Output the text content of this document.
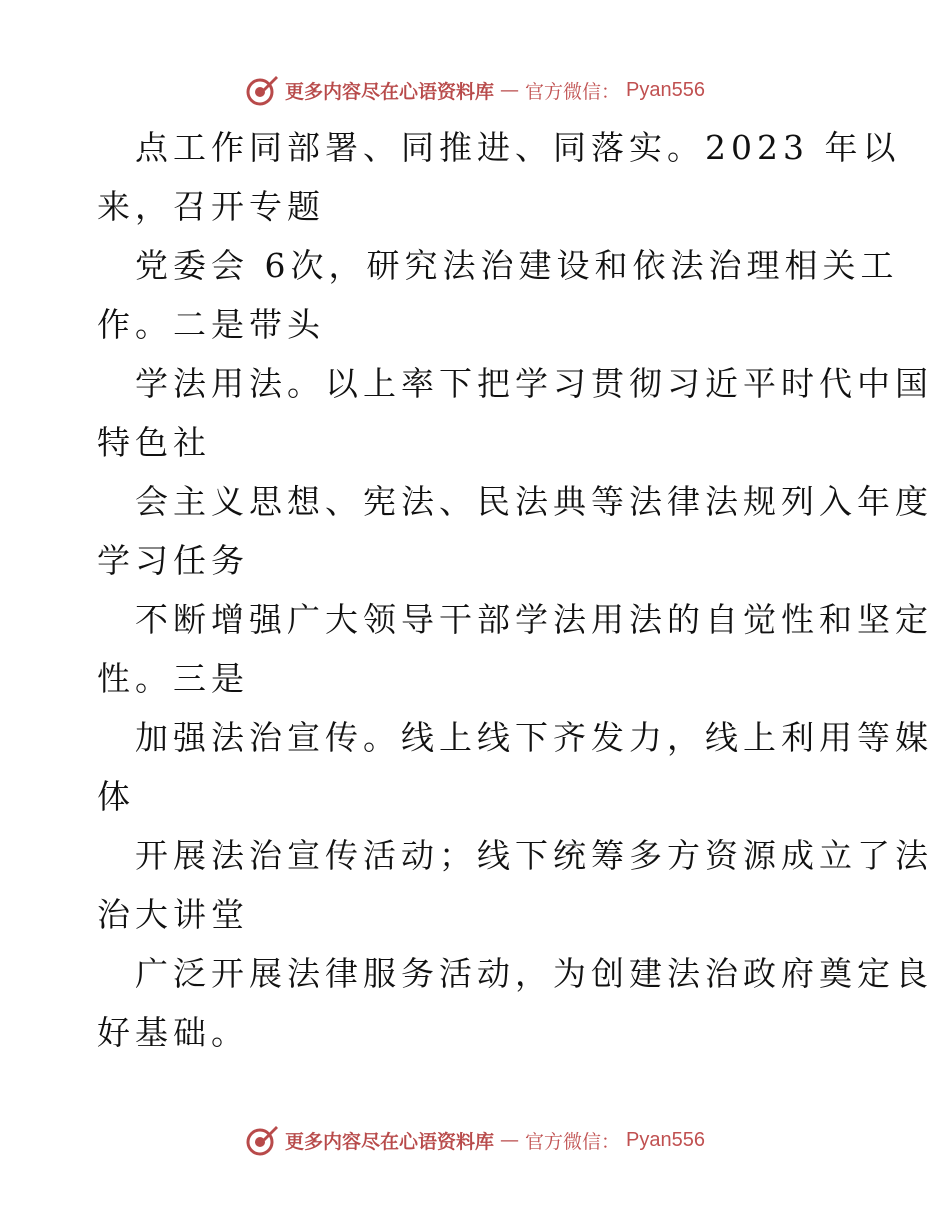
更多内容尽在心语资料库 — 官方微信： Pyan556
点工作同部署、同推进、同落实。2023 年以
来，召开专题
党委会 6次，研究法治建设和依法治理相关工
作。二是带头
学法用法。以上率下把学习贯彻习近平时代中国
特色社
会主义思想、宪法、民法典等法律法规列入年度
学习任务
不断增强广大领导干部学法用法的自觉性和坚定
性。三是
加强法治宣传。线上线下齐发力，线上利用等媒
体
开展法治宣传活动；线下统筹多方资源成立了法
治大讲堂
广泛开展法律服务活动，为创建法治政府奠定良
好基础。
更多内容尽在心语资料库 — 官方微信： Pyan556
